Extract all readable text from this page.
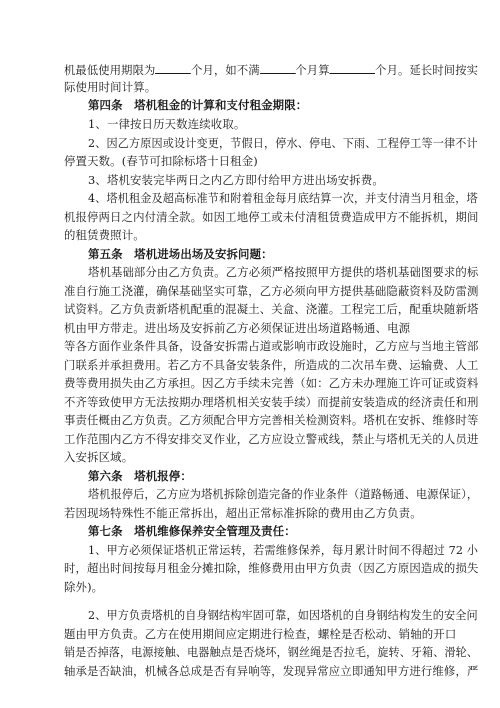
机最低使用期限为	个月，如不满	个月算	个月。延长时间按实
际使用时间计算。
第四条　塔机租金的计算和支付租金期限：
1、一律按日历天数连续收取。
2、因乙方原因或设计变更，节假日，停水、停电、下雨、工程停工等一律不计
停置天数。(春节可扣除标塔十日租金)
3、塔机安装完毕两日之内乙方即付给甲方进出场安拆费。
4、塔机租金及超高标准节和附着租金每月底结算一次，并支付清当月租金，塔
机报停两日之内付清全款。如因工地停工或未付清租赁费造成甲方不能拆机，期间
的租赁费照计。
第五条　塔机进场出场及安拆问题：
塔机基础部分由乙方负责。乙方必须严格按照甲方提供的塔机基础图要求的标
准自行施工浇灌，确保基础坚实可靠，乙方必须向甲方提供基础隐蔽资料及防雷测
试资料。乙方负责新塔机配重的混凝土、关盒、浇灌。工程完工后，配重块随新塔
机由甲方带走。进出场及安拆前乙方必须保证进出场道路畅通、电源
等各方面作业条件具备，设备安拆需占道或影响市政设施时，乙方应与当地主管部
门联系并承担费用。若乙方不具备安装条件，所造成的二次吊车费、运输费、人工
费等费用损失由乙方承担。因乙方手续未完善（如：乙方未办理施工许可证或资料
不齐等致使甲方无法按期办理塔机相关安装手续）而提前安装造成的经济责任和刑
事责任概由乙方负责。乙方须配合甲方完善相关检测资料。塔机在安拆、维修时等
工作范围内乙方不得安排交叉作业，乙方应设立警戒线，禁止与塔机无关的人员进
入安拆区域。
第六条　塔机报停：
塔机报停后，乙方应为塔机拆除创造完备的作业条件（道路畅通、电源保证），
若因现场特殊性不能正常拆出，超出正常标准拆除的费用由乙方负责。
第七条　塔机维修保养安全管理及责任：
1、甲方必须保证塔机正常运转，若需维修保养，每月累计时间不得超过 72 小
时，超出时间按每月租金分摊扣除，维修费用由甲方负责（因乙方原因造成的损失
除外)。
2、甲方负责塔机的自身钢结构牢固可靠，如因塔机的自身钢结构发生的安全问
题由甲方负责。乙方在使用期间应定期进行检查，螺栓是否松动、销轴的开口
销是否掉落，电源接触、电器触点是否烧坏，钢丝绳是否拉毛，旋转、牙箱、滑轮、
轴承是否缺油，机械各总成是否有异响等，发现异常应立即通知甲方进行维修，严
